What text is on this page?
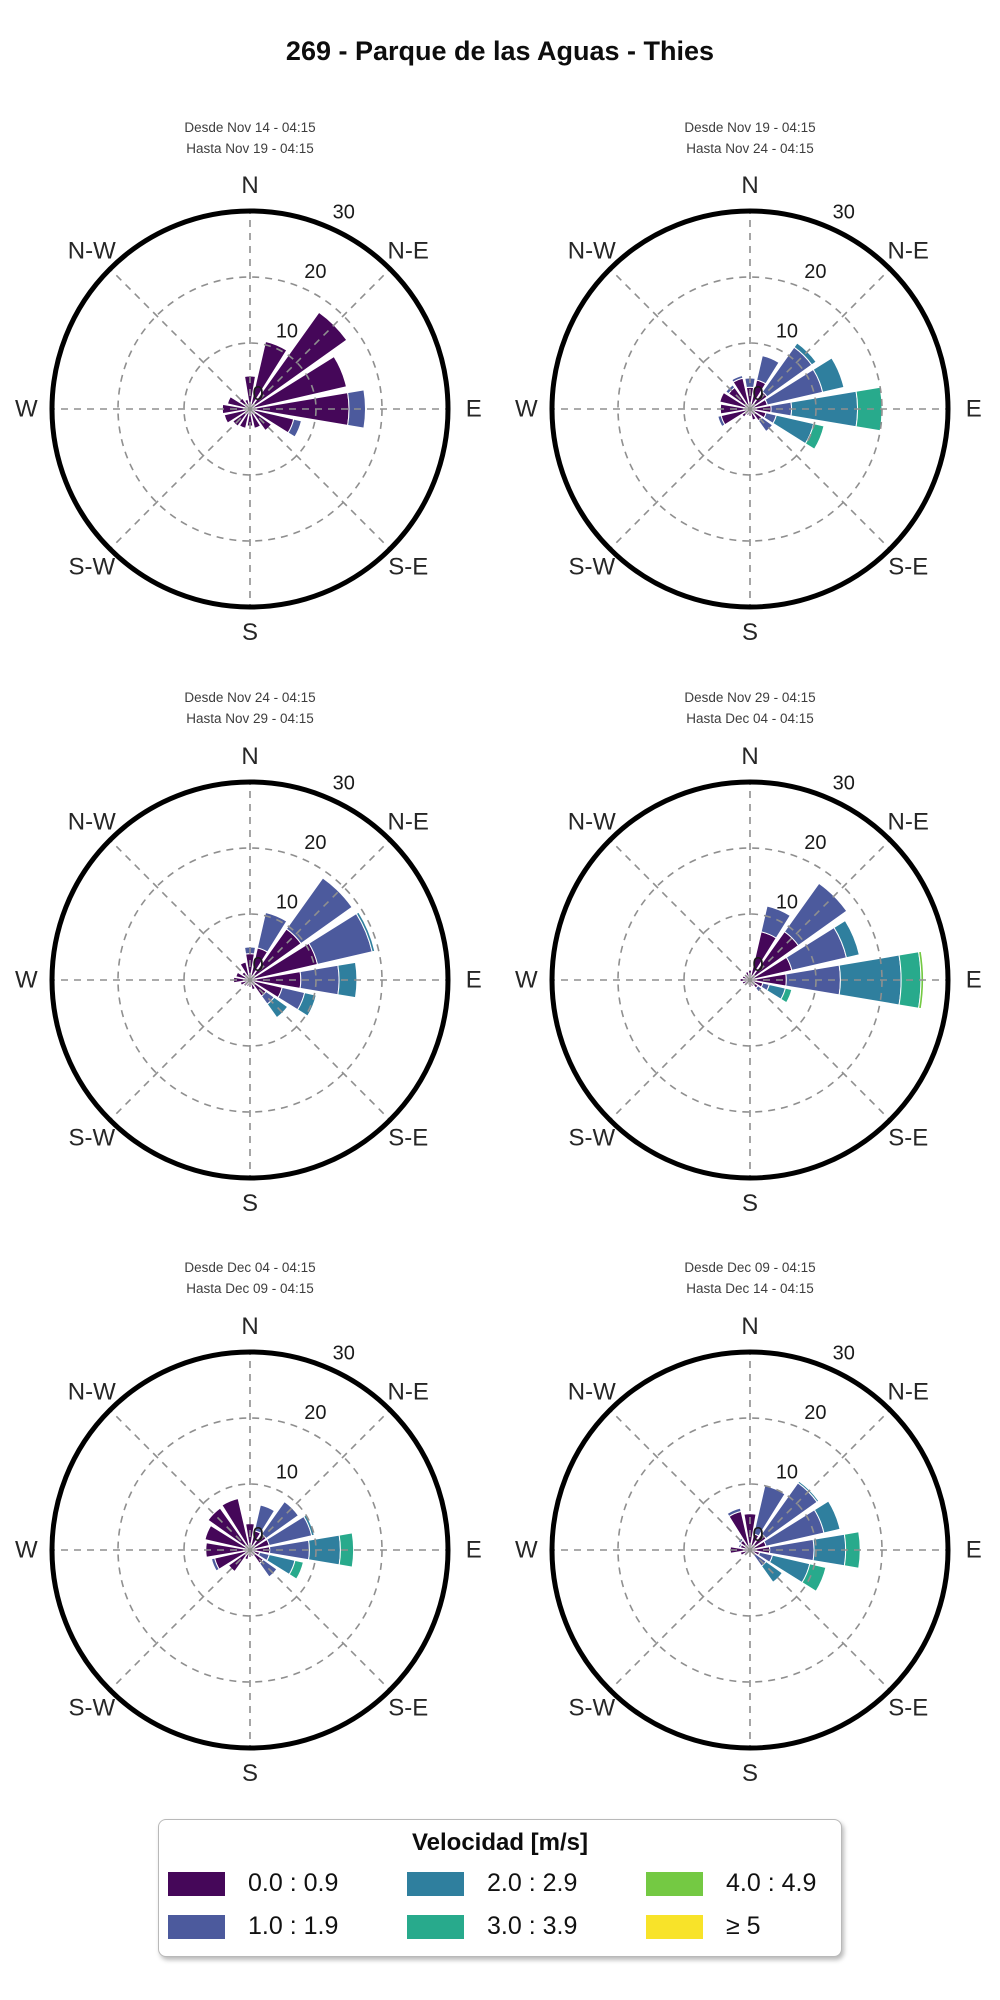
269 - Parque de las Aguas - Thies
Desde Nov 14 - 04:15
Hasta Nov 19 - 04:15
Desde Nov 19 - 04:15
Hasta Nov 24 - 04:15
Desde Nov 24 - 04:15
Hasta Nov 29 - 04:15
Desde Nov 29 - 04:15
Hasta Dec 04 - 04:15
Desde Dec 04 - 04:15
Hasta Dec 09 - 04:15
Desde Dec 09 - 04:15
Hasta Dec 14 - 04:15
N
N-E
E
S-E
S
S-W
W
N-W
0
10
20
30
N
N-E
E
S-E
S
S-W
W
N-W
0
10
20
30
N
N-E
E
S-E
S
S-W
W
N-W
0
10
20
30
N
N-E
E
S-E
S
S-W
W
N-W
0
10
20
30
N
N-E
E
S-E
S
S-W
W
N-W
0
10
20
30
N
N-E
E
S-E
S
S-W
W
N-W
0
10
20
30
Velocidad [m/s]
0.0 : 0.9	2.0 : 2.9	4.0 : 4.9
1.0 : 1.9	3.0 : 3.9	≥ 5
